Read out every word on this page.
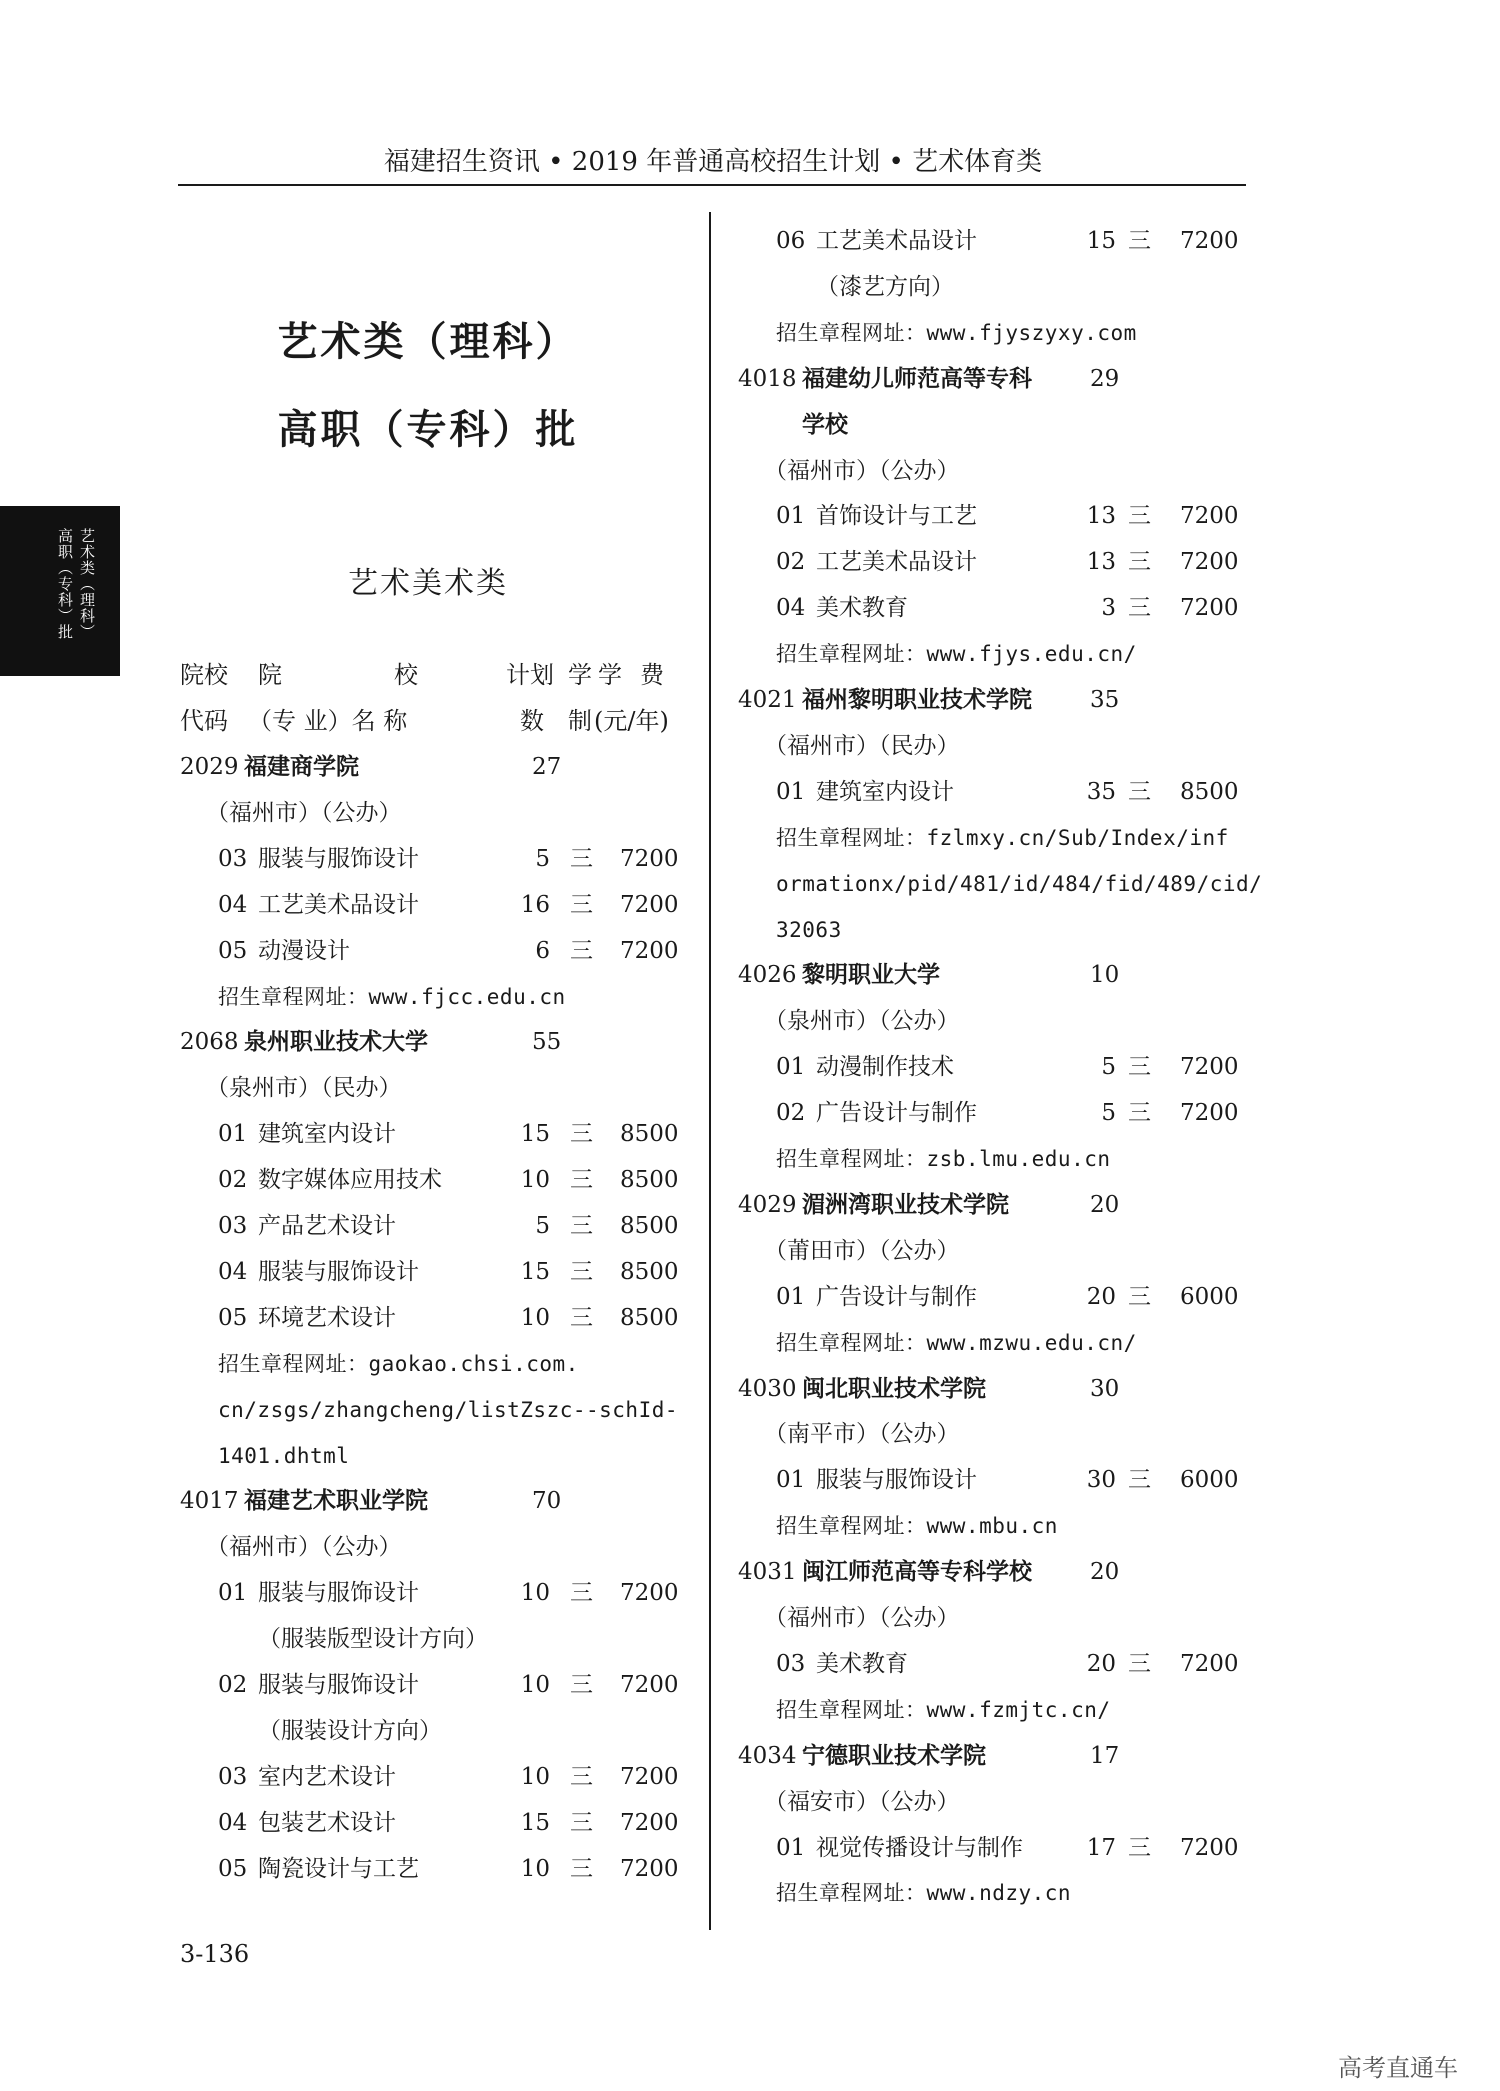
福建招生资讯 • 2019 年普通高校招生计划 • 艺术体育类
艺术类（理科）
高职（专科）批
艺术类（理科）
高职（专科）批
艺术美术类
院校 院	校	计划 学 学 费
代码 （专 业）名 称	数 制 (元/年)
2029 福建商学院	27
（福州市）（公办）
03 服装与服饰设计	5 三 7200
04 工艺美术品设计	16 三 7200
05 动漫设计	6 三 7200
招生章程网址：www.fjcc.edu.cn
2068 泉州职业技术大学	55
（泉州市）（民办）
01 建筑室内设计	15 三 8500
02 数字媒体应用技术	10 三 8500
03 产品艺术设计	5 三 8500
04 服装与服饰设计	15 三 8500
05 环境艺术设计	10 三 8500
招生章程网址：gaokao.chsi.com.
cn/zsgs/zhangcheng/listZszc--schId-
1401.dhtml
4017 福建艺术职业学院	70
（福州市）（公办）
01 服装与服饰设计	10 三 7200
（服装版型设计方向）
02 服装与服饰设计	10 三 7200
（服装设计方向）
03 室内艺术设计	10 三 7200
04 包装艺术设计	15 三 7200
05 陶瓷设计与工艺	10 三 7200
06 工艺美术品设计	15 三 7200
（漆艺方向）
招生章程网址：www.fjyszyxy.com
4018 福建幼儿师范高等专科	29
学校
（福州市）（公办）
01 首饰设计与工艺	13 三 7200
02 工艺美术品设计	13 三 7200
04 美术教育	3 三 7200
招生章程网址：www.fjys.edu.cn/
4021 福州黎明职业技术学院	35
（福州市）（民办）
01 建筑室内设计	35 三 8500
招生章程网址：fzlmxy.cn/Sub/Index/inf
ormationx/pid/481/id/484/fid/489/cid/
32063
4026 黎明职业大学	10
（泉州市）（公办）
01 动漫制作技术	5 三 7200
02 广告设计与制作	5 三 7200
招生章程网址：zsb.lmu.edu.cn
4029 湄洲湾职业技术学院	20
（莆田市）（公办）
01 广告设计与制作	20 三 6000
招生章程网址：www.mzwu.edu.cn/
4030 闽北职业技术学院	30
（南平市）（公办）
01 服装与服饰设计	30 三 6000
招生章程网址：www.mbu.cn
4031 闽江师范高等专科学校	20
（福州市）（公办）
03 美术教育	20 三 7200
招生章程网址：www.fzmjtc.cn/
4034 宁德职业技术学院	17
（福安市）（公办）
01 视觉传播设计与制作	17 三 7200
招生章程网址：www.ndzy.cn
3-136
高考直通车
